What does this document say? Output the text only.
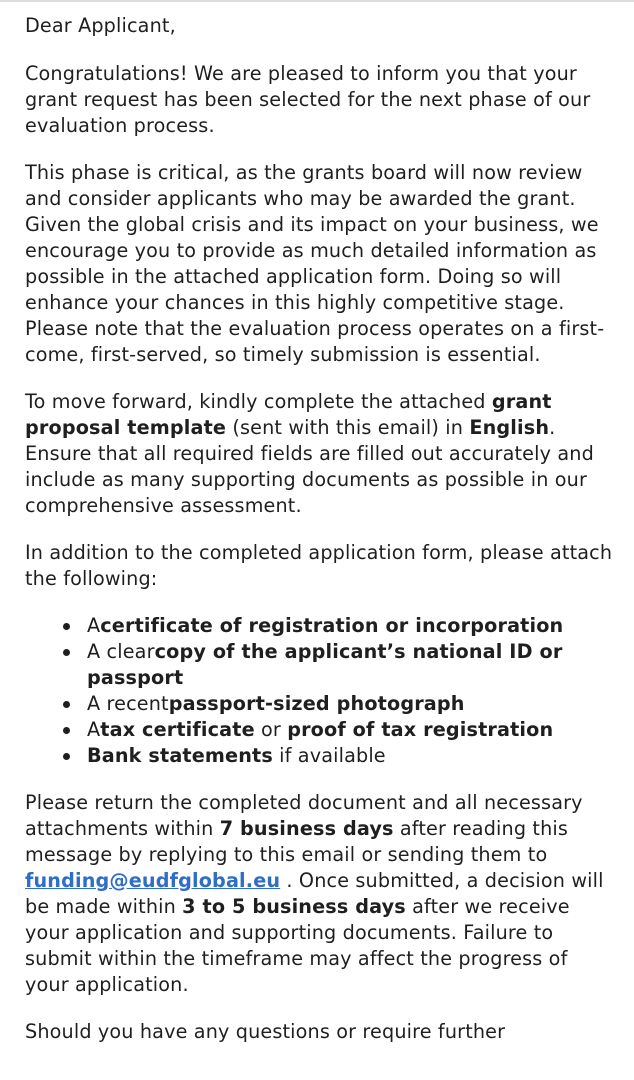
Dear Applicant,

Congratulations! We are pleased to inform you that your grant request has been selected for the next phase of our evaluation process.

This phase is critical, as the grants board will now review and consider applicants who may be awarded the grant. Given the global crisis and its impact on your business, we encourage you to provide as much detailed information as possible in the attached application form. Doing so will enhance your chances in this highly competitive stage. Please note that the evaluation process operates on a first-come, first-served, so timely submission is essential.

To move forward, kindly complete the attached grant proposal template (sent with this email) in English. Ensure that all required fields are filled out accurately and include as many supporting documents as possible in our comprehensive assessment.

In addition to the completed application form, please attach the following:

Acertificate of registration or incorporation
A clearcopy of the applicant’s national ID or passport
A recentpassport-sized photograph
Atax certificate or proof of tax registration
Bank statements if available

Please return the completed document and all necessary attachments within 7 business days after reading this message by replying to this email or sending them to funding@eudfglobal.eu . Once submitted, a decision will be made within 3 to 5 business days after we receive your application and supporting documents. Failure to submit within the timeframe may affect the progress of your application.

Should you have any questions or require further
